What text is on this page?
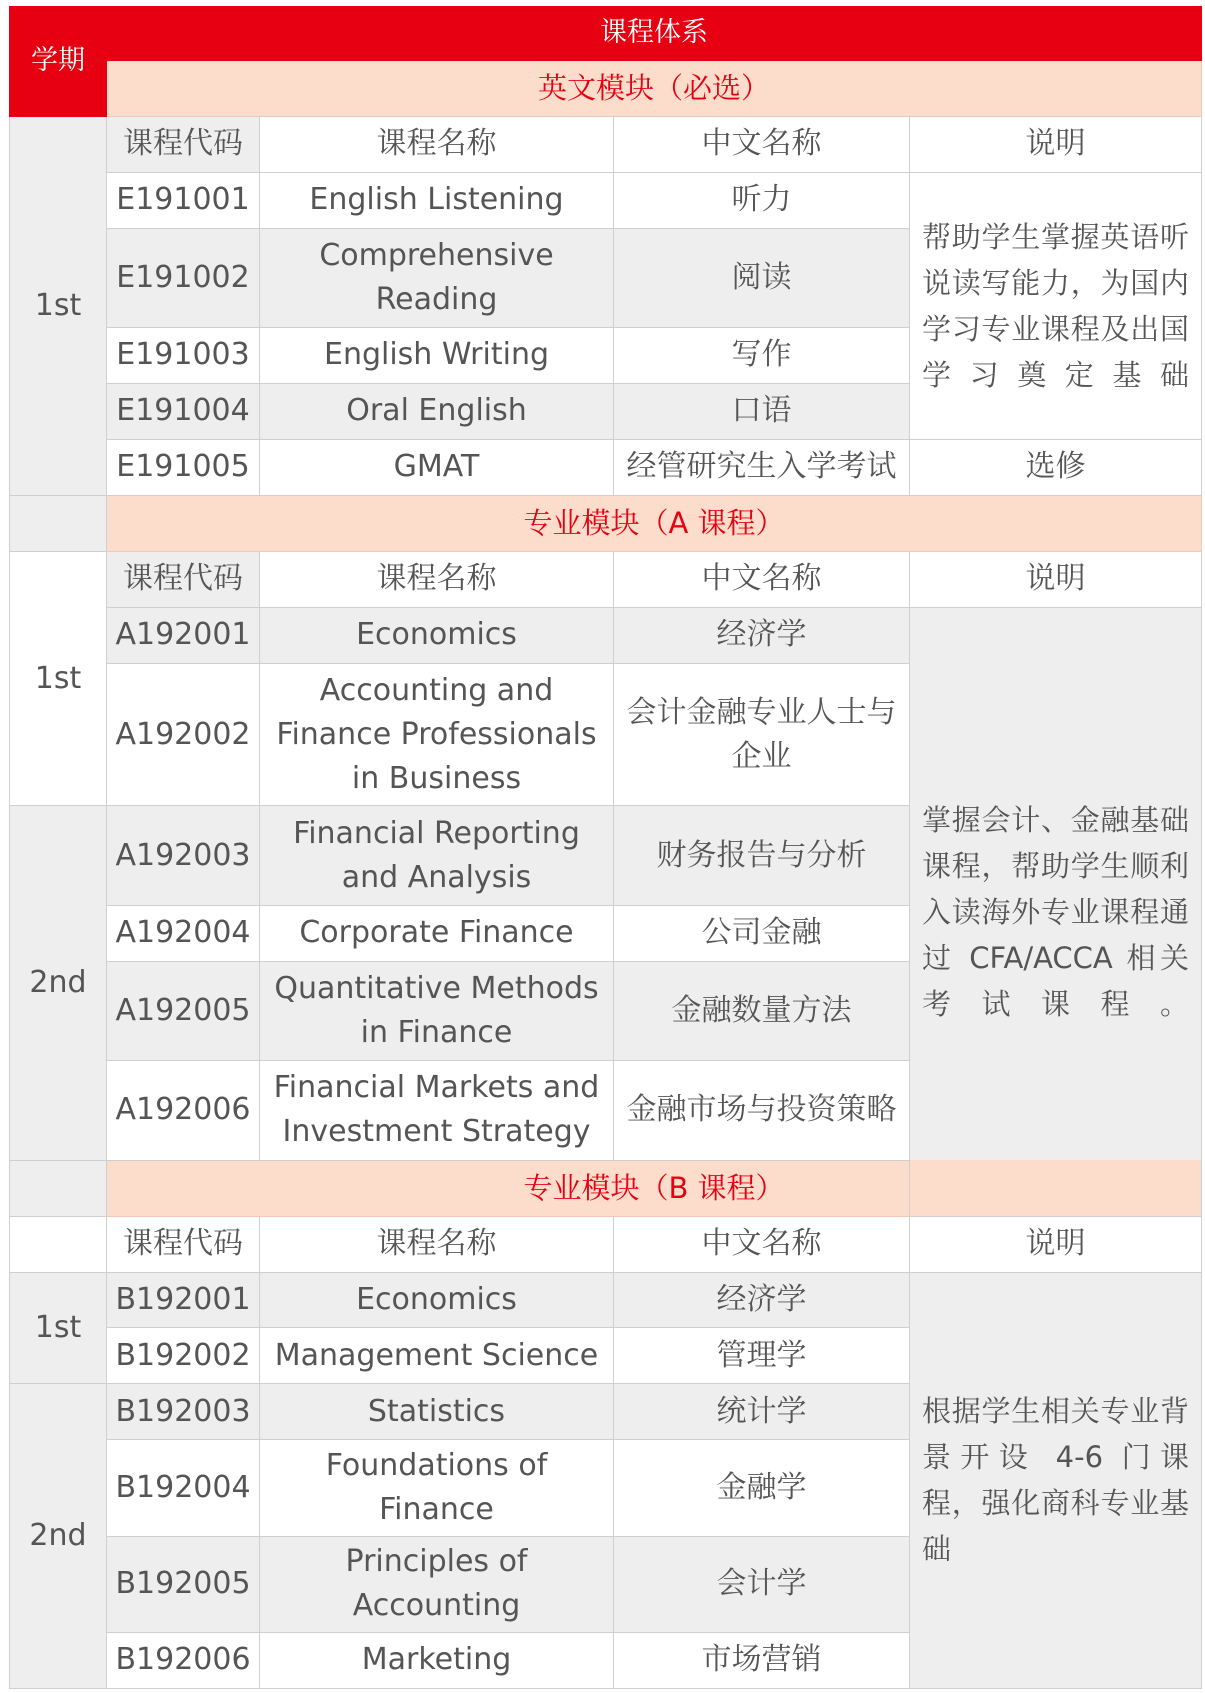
学期	课程体系			
	英文模块（必选）			
1st	课程代码	课程名称	中文名称	说明
	E191001	English Listening	听力	帮助学生掌握英语听说读写能力，为国内学习专业课程及出国学习奠定基础

	E191002	Comprehensive Reading	阅读	
	E191003	English Writing	写作	
	E191004	Oral English	口语	
	E191005	GMAT	经管研究生入学考试	选修
	专业模块（A 课程）			
1st	课程代码	课程名称	中文名称	说明
	A192001	Economics	经济学	掌握会计、金融基础课程，帮助学生顺利入读海外专业课程通过 CFA/ACCA 相关考试课程。

	A192002	Accounting and Finance Professionals in Business	会计金融专业人士与企业	
2nd	A192003	Financial Reporting and Analysis	财务报告与分析	
	A192004	Corporate Finance	公司金融	
	A192005	Quantitative Methods in Finance	金融数量方法	
	A192006	Financial Markets and Investment Strategy	金融市场与投资策略	
	专业模块（B 课程）			
	课程代码	课程名称	中文名称	说明
1st	B192001	Economics	经济学	根据学生相关专业背景开设 4-6 门课程，强化商科专业基础

	B192002	Management Science	管理学	
2nd	B192003	Statistics	统计学	
	B192004	Foundations of Finance	金融学	
	B192005	Principles of Accounting	会计学	
	B192006	Marketing	市场营销	
